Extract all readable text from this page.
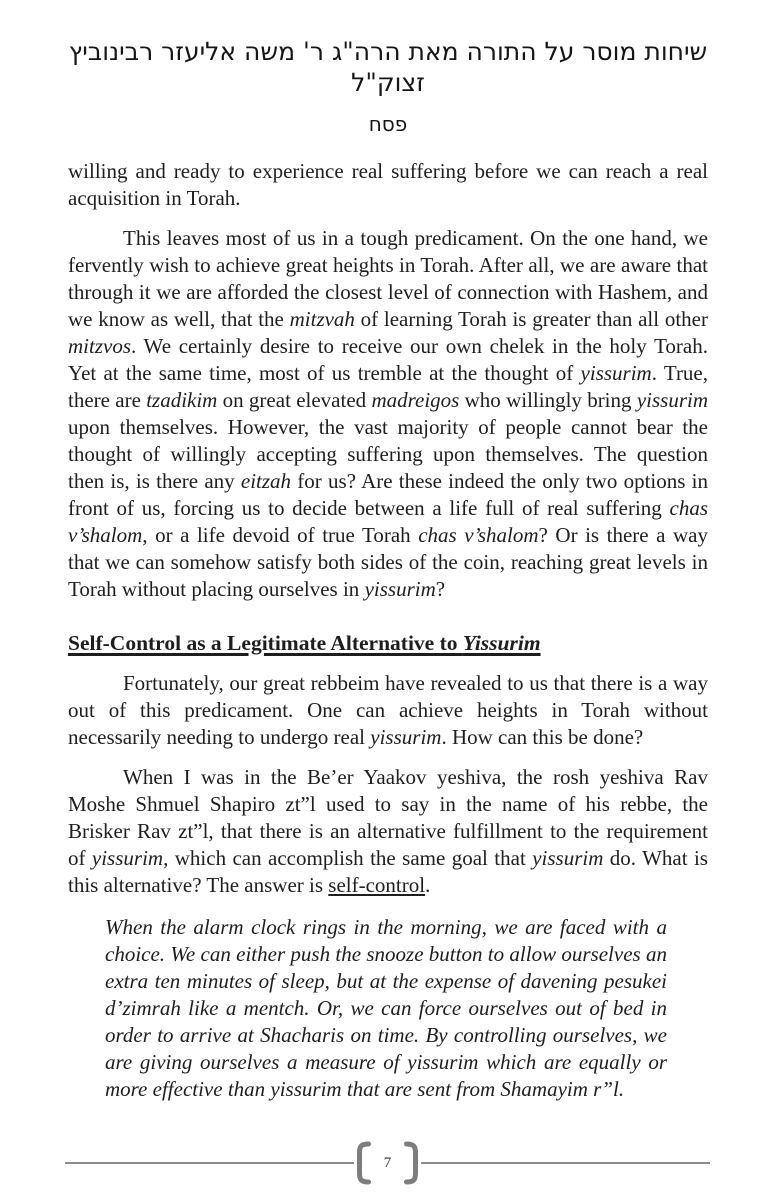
שיחות מוסר על התורה מאת הרה"ג ר' משה אליעזר רבינוביץ זצוק"ל
פסח

willing and ready to experience real suffering before we can reach a real acquisition in Torah.

This leaves most of us in a tough predicament. On the one hand, we fervently wish to achieve great heights in Torah. After all, we are aware that through it we are afforded the closest level of connection with Hashem, and we know as well, that the mitzvah of learning Torah is greater than all other mitzvos. We certainly desire to receive our own chelek in the holy Torah. Yet at the same time, most of us tremble at the thought of yissurim. True, there are tzadikim on great elevated madreigos who willingly bring yissurim upon themselves. However, the vast majority of people cannot bear the thought of willingly accepting suffering upon themselves. The question then is, is there any eitzah for us? Are these indeed the only two options in front of us, forcing us to decide between a life full of real suffering chas v’shalom, or a life devoid of true Torah chas v’shalom? Or is there a way that we can somehow satisfy both sides of the coin, reaching great levels in Torah without placing ourselves in yissurim?

Self-Control as a Legitimate Alternative to Yissurim

Fortunately, our great rebbeim have revealed to us that there is a way out of this predicament. One can achieve heights in Torah without necessarily needing to undergo real yissurim. How can this be done?

When I was in the Be’er Yaakov yeshiva, the rosh yeshiva Rav Moshe Shmuel Shapiro zt”l used to say in the name of his rebbe, the Brisker Rav zt”l, that there is an alternative fulfillment to the requirement of yissurim, which can accomplish the same goal that yissurim do. What is this alternative? The answer is self-control.

When the alarm clock rings in the morning, we are faced with a choice. We can either push the snooze button to allow ourselves an extra ten minutes of sleep, but at the expense of davening pesukei d’zimrah like a mentch. Or, we can force ourselves out of bed in order to arrive at Shacharis on time. By controlling ourselves, we are giving ourselves a measure of yissurim which are equally or more effective than yissurim that are sent from Shamayim r”l.
7
